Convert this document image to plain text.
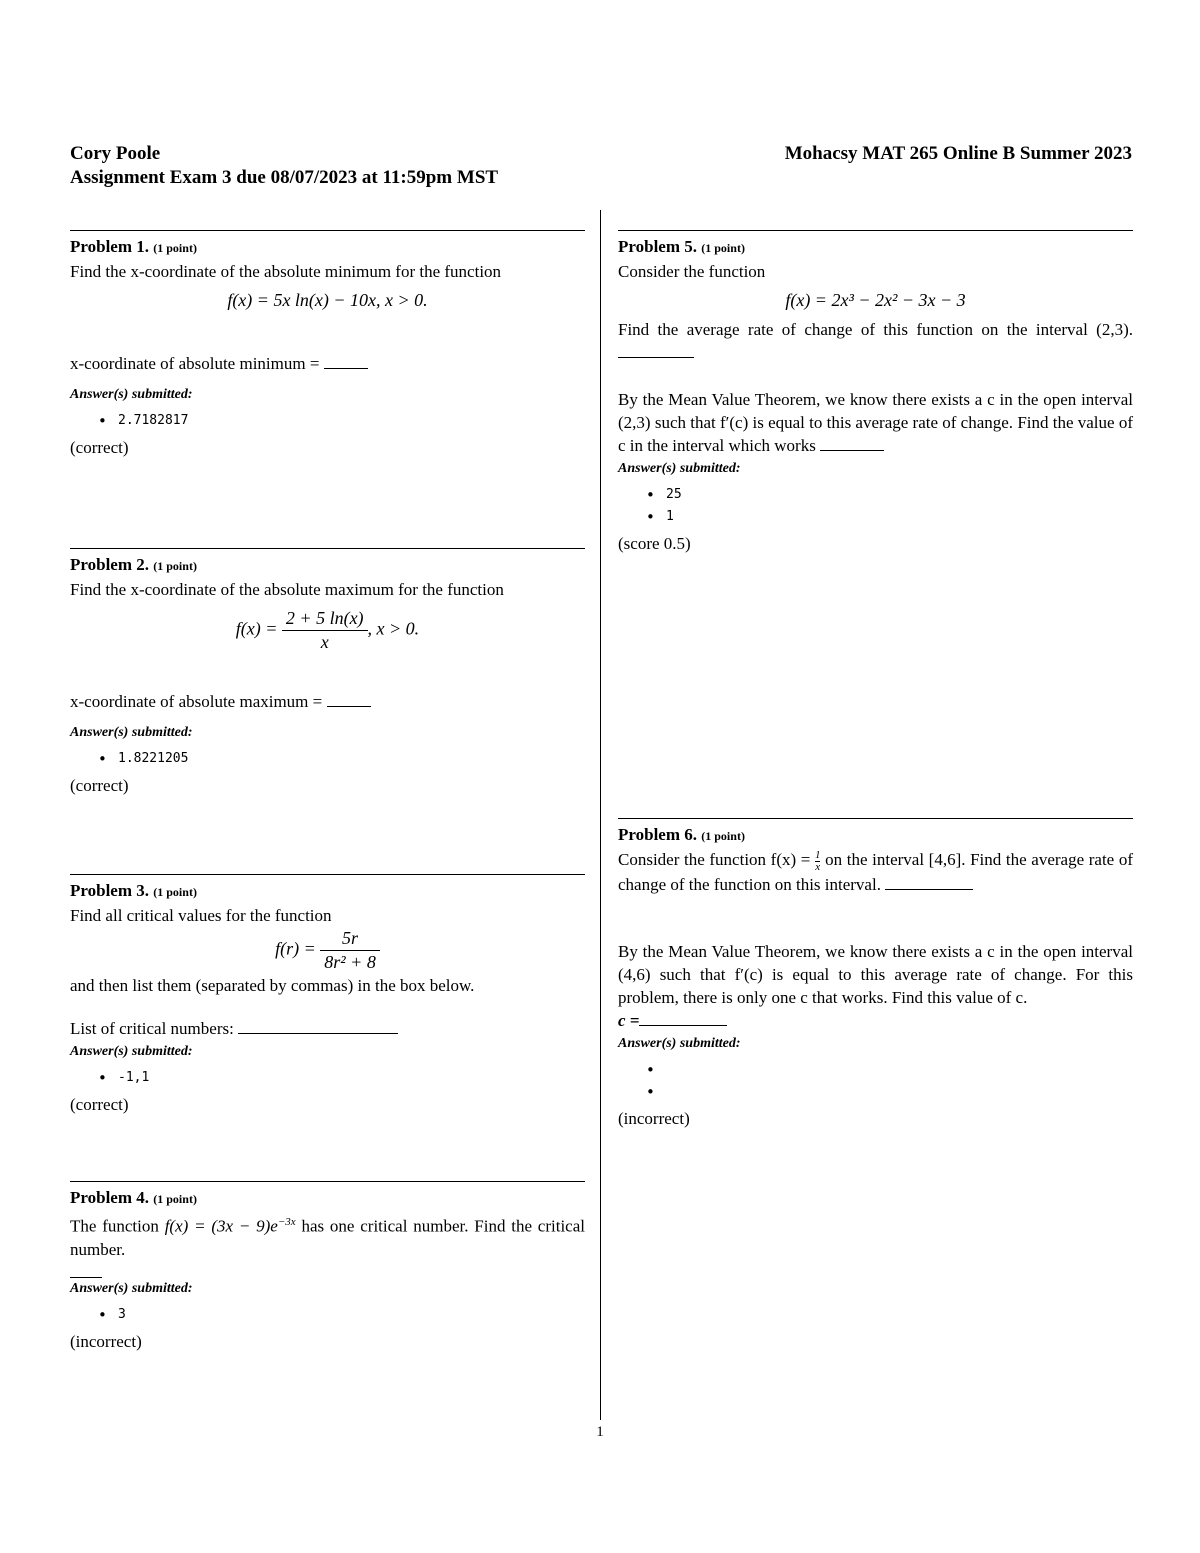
Cory Poole
Assignment Exam 3 due 08/07/2023 at 11:59pm MST
Mohacsy MAT 265 Online B Summer 2023
Problem 1. (1 point)
Find the x-coordinate of the absolute minimum for the function
f(x) = 5x ln(x) − 10x, x > 0.
x-coordinate of absolute minimum =
Answer(s) submitted:
• 2.7182817
(correct)
Problem 2. (1 point)
Find the x-coordinate of the absolute maximum for the function
$f(x) = \frac{2 + 5 \ln(x)}{x}$ , x > 0.
x-coordinate of absolute maximum =
Answer(s) submitted:
• 1.8221205
(correct)
Problem 3. (1 point)
Find all critical values for the function
$f(r) = \frac{5r}{\text{8r² + 8}}$
and then list them (separated by commas) in the box below.
List of critical numbers:
Answer(s) submitted:
• -1,1
(correct)
Problem 4. (1 point)
The function $f(x) = (3x - 9)e^{-3x}$ has one critical number. Find the critical number.
Answer(s) submitted:
• 3
(incorrect)
Problem 5. (1 point)
Consider the function
f(x) = 2x³ − 2x² − 3x − 3
Find the average rate of change of this function on the interval (2,3).
By the Mean Value Theorem, we know there exists a c in the open interval (2,3) such that f′(c) is equal to this average rate of change. Find the value of c in the interval which works
Answer(s) submitted:
• 25
• 1
(score 0.5)
Problem 6. (1 point)
Consider the function $f(x) = \frac{1}{x}$ on the interval [4,6]. Find the average rate of change of the function on this interval.
By the Mean Value Theorem, we know there exists a c in the open interval (4,6) such that f′(c) is equal to this average rate of change. For this problem, there is only one c that works. Find this value of c.
c =
Answer(s) submitted:
•
•
(incorrect)
1
